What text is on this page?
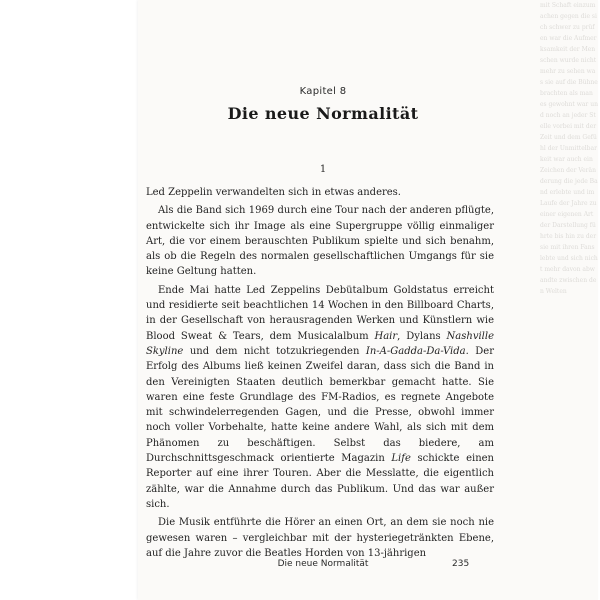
mit Schaft einzumachen gegen die sich schwer zu prüfen war die Aufmerksamkeit der Menschen wurde nicht mehr zu sehen was sie auf die Bühne brachten als man es gewohnt war und noch an jeder Stelle vorbei mit der Zeit und dem Gefühl der Unmittelbarkeit war auch ein Zeichen der Veränderung die jede Band erlebte und im Laufe der Jahre zu einer eigenen Art der Darstellung führte bis hin zu der sie mit ihren Fans lebte und sich nicht mehr davon abwandte zwischen den Welten
Kapitel 8
Die neue Normalität
1

Led Zeppelin verwandelten sich in etwas anderes.

Als die Band sich 1969 durch eine Tour nach der anderen pflügte, entwickelte sich ihr Image als eine Supergruppe völlig einmaliger Art, die vor einem berauschten Publikum spielte und sich benahm, als ob die Regeln des normalen gesellschaftlichen Umgangs für sie keine Geltung hatten.

Ende Mai hatte Led Zeppelins Debütalbum Goldstatus erreicht und residierte seit beachtlichen 14 Wochen in den Billboard Charts, in der Gesellschaft von herausragenden Werken und Künstlern wie Blood Sweat & Tears, dem Musicalalbum Hair, Dylans Nashville Skyline und dem nicht totzukriegenden In-A-Gadda-Da-Vida. Der Erfolg des Albums ließ keinen Zweifel daran, dass sich die Band in den Vereinigten Staaten deutlich bemerkbar gemacht hatte. Sie waren eine feste Grundlage des FM-Radios, es regnete Angebote mit schwindelerregenden Gagen, und die Presse, obwohl immer noch voller Vorbehalte, hatte keine andere Wahl, als sich mit dem Phänomen zu beschäftigen. Selbst das biedere, am Durchschnittsgeschmack orientierte Magazin Life schickte einen Reporter auf eine ihrer Touren. Aber die Messlatte, die eigentlich zählte, war die Annahme durch das Publikum. Und das war außer sich.

Die Musik entführte die Hörer an einen Ort, an dem sie noch nie gewesen waren – vergleichbar mit der hysteriegetränkten Ebene, auf die Jahre zuvor die Beatles Horden von 13-jährigen

Die neue Normalität	235
